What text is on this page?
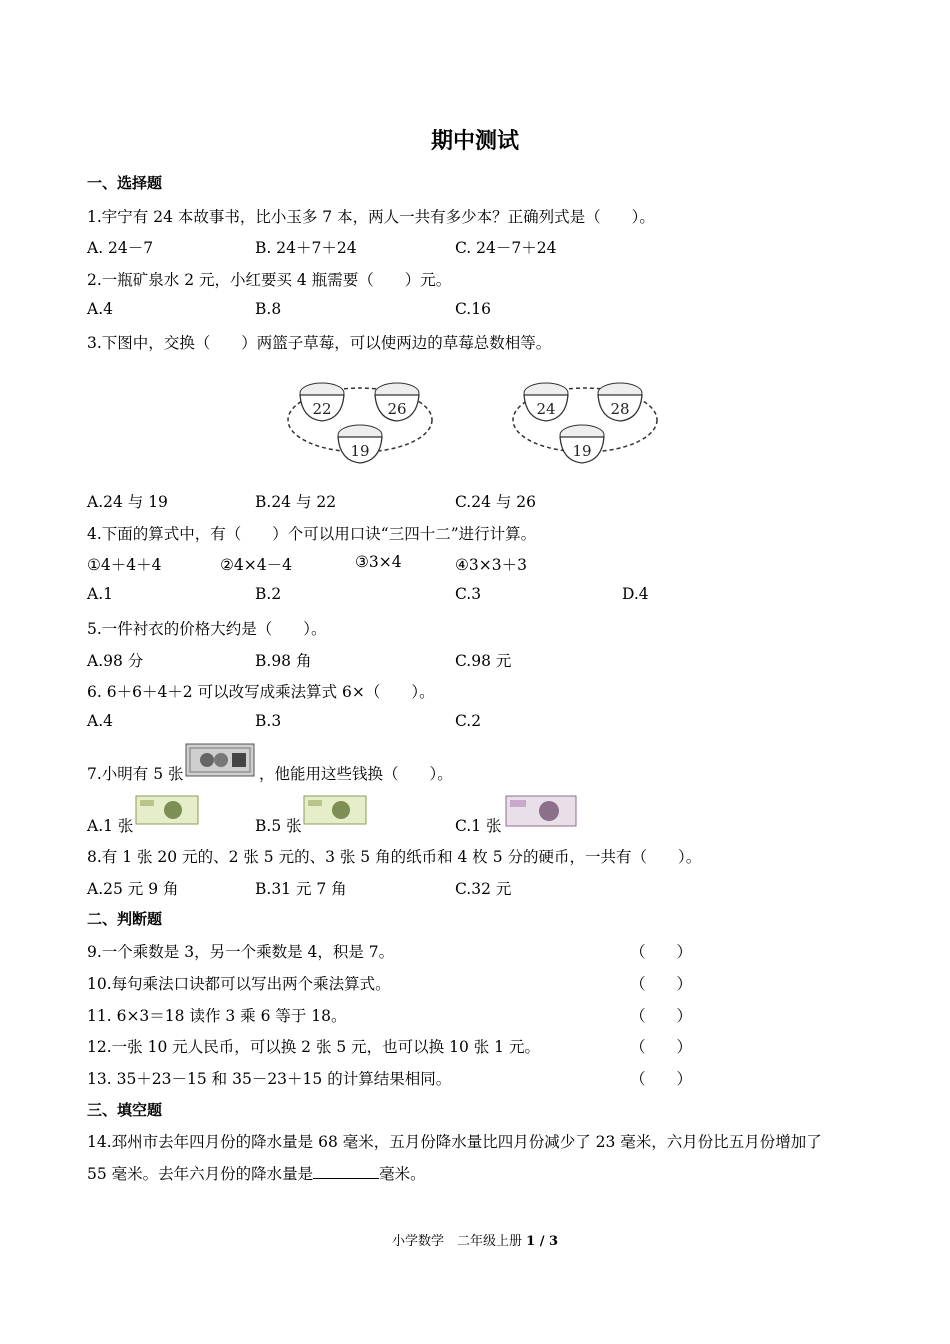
期中测试
一、选择题
1.宇宁有 24 本故事书，比小玉多 7 本，两人一共有多少本？正确列式是（　　）。
A. 24－7	B. 24＋7＋24	C. 24－7＋24
2.一瓶矿泉水 2 元，小红要买 4 瓶需要（　　）元。
A.4	B.8	C.16
3.下图中，交换（　　）两篮子草莓，可以使两边的草莓总数相等。
22	26
19
24	28
19
A.24 与 19	B.24 与 22	C.24 与 26
4.下面的算式中，有（　　）个可以用口诀“三四十二”进行计算。
①4＋4＋4	②4×4－4	③3×4	④3×3＋3
A.1	B.2	C.3	D.4
5.一件衬衣的价格大约是（　　）。
A.98 分	B.98 角	C.98 元
6. 6＋6＋4＋2 可以改写成乘法算式 6×（　　）。
A.4	B.3	C.2
7.小明有 5 张	，他能用这些钱换（　　）。
A.1 张	B.5 张	C.1 张
8.有 1 张 20 元的、2 张 5 元的、3 张 5 角的纸币和 4 枚 5 分的硬币，一共有（　　）。
A.25 元 9 角	B.31 元 7 角	C.32 元
二、判断题
9.一个乘数是 3，另一个乘数是 4，积是 7。	（　　）
10.每句乘法口诀都可以写出两个乘法算式。	（　　）
11. 6×3＝18 读作 3 乘 6 等于 18。	（　　）
12.一张 10 元人民币，可以换 2 张 5 元，也可以换 10 张 1 元。	（　　）
13. 35＋23－15 和 35－23＋15 的计算结果相同。	（　　）
三、填空题
14.邳州市去年四月份的降水量是 68 毫米，五月份降水量比四月份减少了 23 毫米，六月份比五月份增加了
55 毫米。去年六月份的降水量是	毫米。
小学数学　二年级上册 1 / 3
